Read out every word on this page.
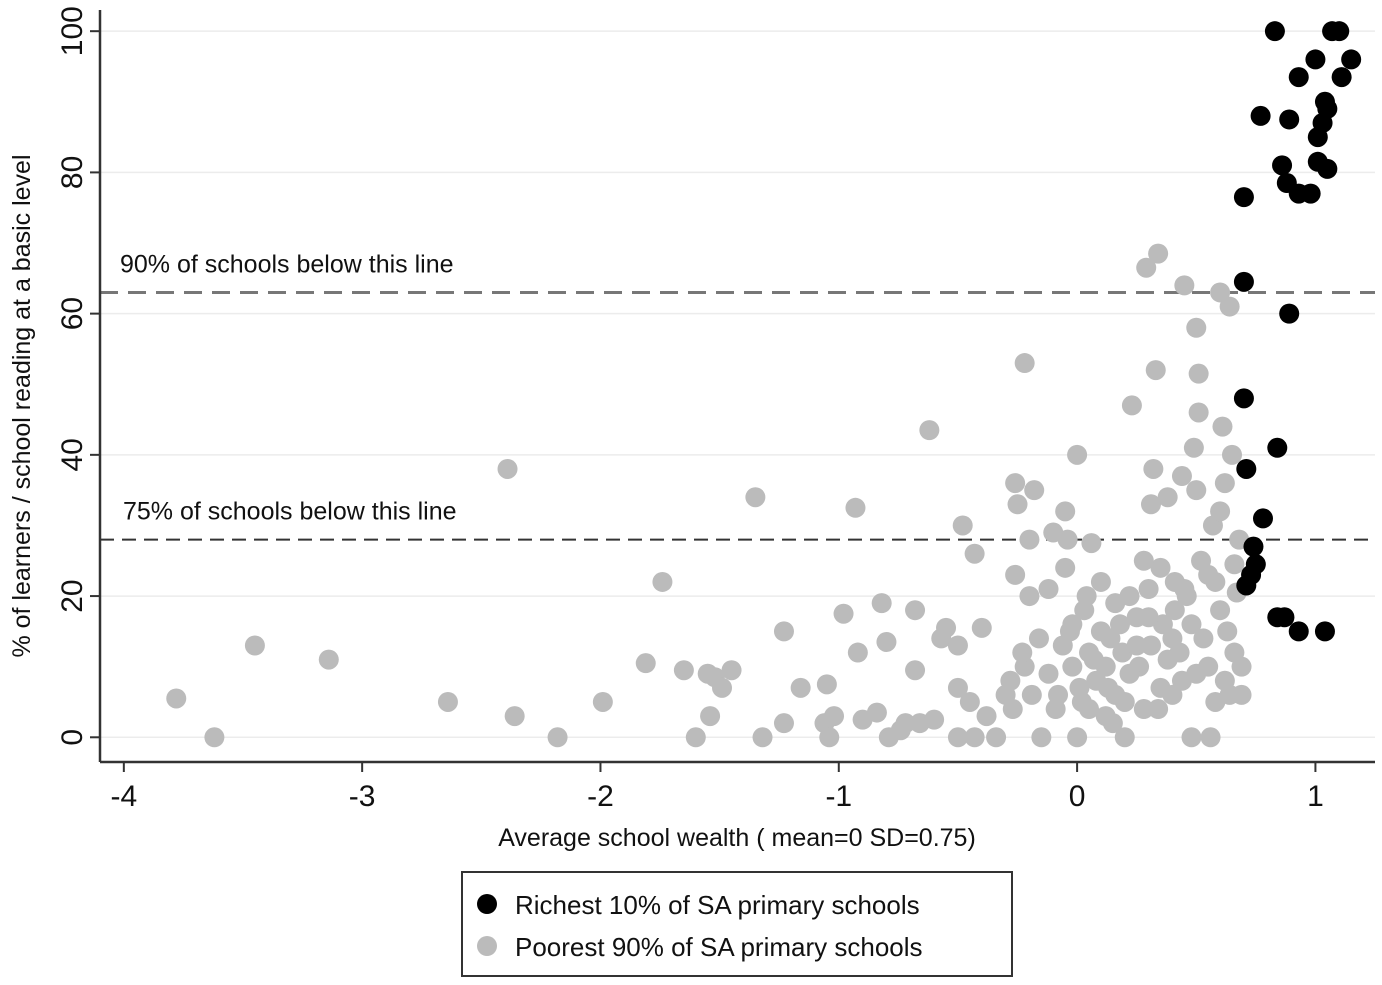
90% of schools below this line
75% of schools below this line
0
20
40
60
80
100
-4	-3	-2	-1	0	1
Average school wealth ( mean=0 SD=0.75)
% of learners / school reading at a basic level
Richest 10% of SA primary schools
Poorest 90% of SA primary schools
